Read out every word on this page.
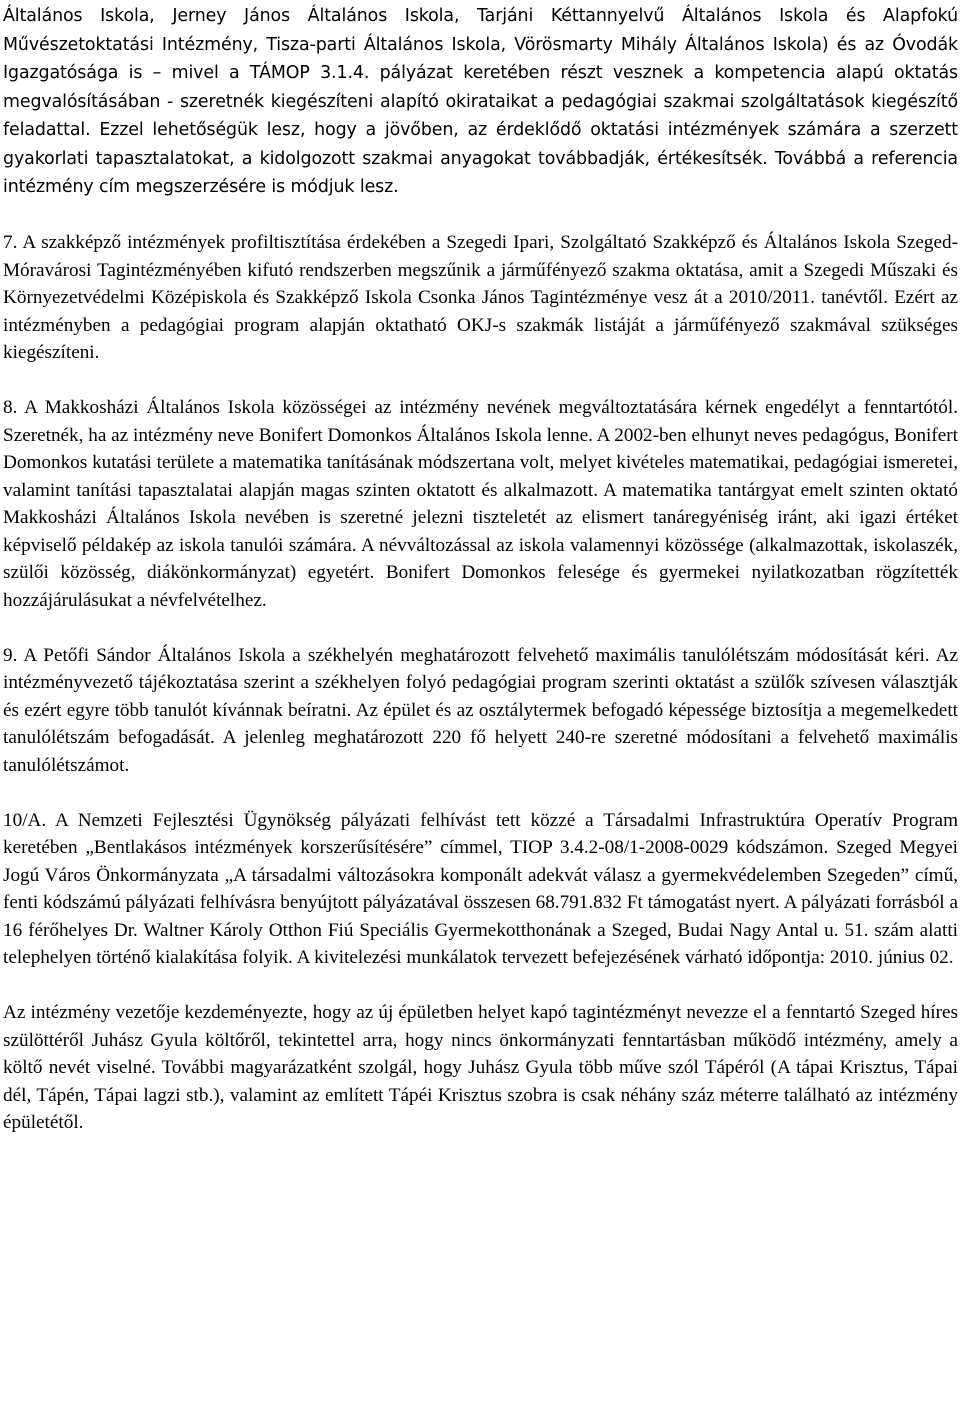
Általános Iskola, Jerney János Általános Iskola, Tarjáni Kéttannyelvű Általános Iskola és Alapfokú Művészetoktatási Intézmény, Tisza-parti Általános Iskola, Vörösmarty Mihály Általános Iskola) és az Óvodák Igazgatósága is – mivel a TÁMOP 3.1.4. pályázat keretében részt vesznek a kompetencia alapú oktatás megvalósításában - szeretnék kiegészíteni alapító okirataikat a pedagógiai szakmai szolgáltatások kiegészítő feladattal. Ezzel lehetőségük lesz, hogy a jövőben, az érdeklődő oktatási intézmények számára a szerzett gyakorlati tapasztalatokat, a kidolgozott szakmai anyagokat továbbadják, értékesítsék. Továbbá a referencia intézmény cím megszerzésére is módjuk lesz.

7. A szakképző intézmények profiltisztítása érdekében a Szegedi Ipari, Szolgáltató Szakképző és Általános Iskola Szeged-Móravárosi Tagintézményében kifutó rendszerben megszűnik a járműfényező szakma oktatása, amit a Szegedi Műszaki és Környezetvédelmi Középiskola és Szakképző Iskola Csonka János Tagintézménye vesz át a 2010/2011. tanévtől. Ezért az intézményben a pedagógiai program alapján oktatható OKJ-s szakmák listáját a járműfényező szakmával szükséges kiegészíteni.

8. A Makkosházi Általános Iskola közösségei az intézmény nevének megváltoztatására kérnek engedélyt a fenntartótól. Szeretnék, ha az intézmény neve Bonifert Domonkos Általános Iskola lenne. A 2002-ben elhunyt neves pedagógus, Bonifert Domonkos kutatási területe a matematika tanításának módszertana volt, melyet kivételes matematikai, pedagógiai ismeretei, valamint tanítási tapasztalatai alapján magas szinten oktatott és alkalmazott. A matematika tantárgyat emelt szinten oktató Makkosházi Általános Iskola nevében is szeretné jelezni tiszteletét az elismert tanáregyéniség iránt, aki igazi értéket képviselő példakép az iskola tanulói számára. A névváltozással az iskola valamennyi közössége (alkalmazottak, iskolaszék, szülői közösség, diákönkormányzat) egyetért. Bonifert Domonkos felesége és gyermekei nyilatkozatban rögzítették hozzájárulásukat a névfelvételhez.

9. A Petőfi Sándor Általános Iskola a székhelyén meghatározott felvehető maximális tanulólétszám módosítását kéri. Az intézményvezető tájékoztatása szerint a székhelyen folyó pedagógiai program szerinti oktatást a szülők szívesen választják és ezért egyre több tanulót kívánnak beíratni. Az épület és az osztálytermek befogadó képessége biztosítja a megemelkedett tanulólétszám befogadását. A jelenleg meghatározott 220 fő helyett 240-re szeretné módosítani a felvehető maximális tanulólétszámot.

10/A. A Nemzeti Fejlesztési Ügynökség pályázati felhívást tett közzé a Társadalmi Infrastruktúra Operatív Program keretében „Bentlakásos intézmények korszerűsítésére” címmel, TIOP 3.4.2-08/1-2008-0029 kódszámon. Szeged Megyei Jogú Város Önkormányzata „A társadalmi változásokra komponált adekvát válasz a gyermekvédelemben Szegeden” című, fenti kódszámú pályázati felhívásra benyújtott pályázatával összesen 68.791.832 Ft támogatást nyert. A pályázati forrásból a 16 férőhelyes Dr. Waltner Károly Otthon Fiú Speciális Gyermekotthonának a Szeged, Budai Nagy Antal u. 51. szám alatti telephelyen történő kialakítása folyik. A kivitelezési munkálatok tervezett befejezésének várható időpontja: 2010. június 02.

Az intézmény vezetője kezdeményezte, hogy az új épületben helyet kapó tagintézményt nevezze el a fenntartó Szeged híres szülöttéről Juhász Gyula költőről, tekintettel arra, hogy nincs önkormányzati fenntartásban működő intézmény, amely a költő nevét viselné. További magyarázatként szolgál, hogy Juhász Gyula több műve szól Tápéról (A tápai Krisztus, Tápai dél, Tápén, Tápai lagzi stb.), valamint az említett Tápéi Krisztus szobra is csak néhány száz méterre található az intézmény épületétől.
